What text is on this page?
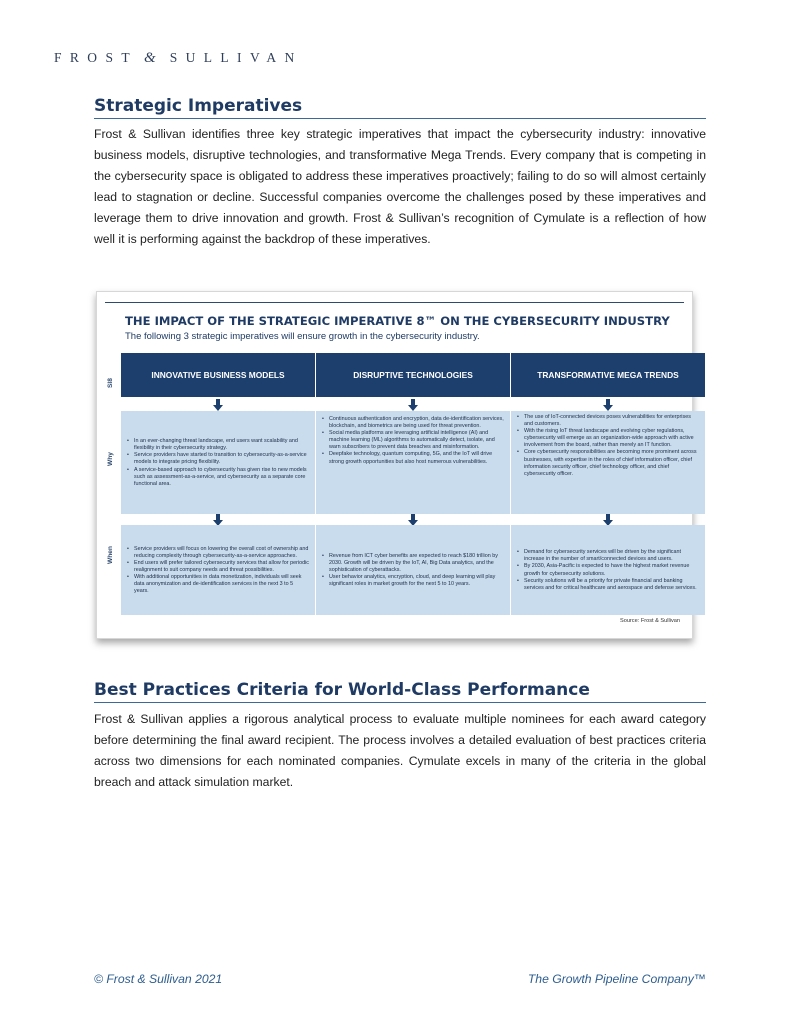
FROST & SULLIVAN
Strategic Imperatives
Frost & Sullivan identifies three key strategic imperatives that impact the cybersecurity industry: innovative business models, disruptive technologies, and transformative Mega Trends. Every company that is competing in the cybersecurity space is obligated to address these imperatives proactively; failing to do so will almost certainly lead to stagnation or decline. Successful companies overcome the challenges posed by these imperatives and leverage them to drive innovation and growth. Frost & Sullivan’s recognition of Cymulate is a reflection of how well it is performing against the backdrop of these imperatives.
THE IMPACT OF THE STRATEGIC IMPERATIVE 8™ ON THE CYBERSECURITY INDUSTRY
The following 3 strategic imperatives will ensure growth in the cybersecurity industry.
SI8
Why
When
INNOVATIVE BUSINESS MODELS
• In an ever-changing threat landscape, end users want scalability and flexibility in their cybersecurity strategy.
• Service providers have started to transition to cybersecurity-as-a-service models to integrate pricing flexibility.
• A service-based approach to cybersecurity has given rise to new models such as assessment-as-a-service, and cybersecurity as a separate core functional area.
• Service providers will focus on lowering the overall cost of ownership and reducing complexity through cybersecurity-as-a-service approaches.
• End users will prefer tailored cybersecurity services that allow for periodic realignment to suit company needs and threat possibilities.
• With additional opportunities in data monetization, individuals will seek data anonymization and de-identification services in the next 3 to 5 years.
DISRUPTIVE TECHNOLOGIES
• Continuous authentication and encryption, data de-identification services, blockchain, and biometrics are being used for threat prevention.
• Social media platforms are leveraging artificial intelligence (AI) and machine learning (ML) algorithms to automatically detect, isolate, and warn subscribers to prevent data breaches and misinformation.
• Deepfake technology, quantum computing, 5G, and the IoT will drive strong growth opportunities but also host numerous vulnerabilities.
• Revenue from ICT cyber benefits are expected to reach $180 trillion by 2030. Growth will be driven by the IoT, AI, Big Data analytics, and the sophistication of cyberattacks.
• User behavior analytics, encryption, cloud, and deep learning will play significant roles in market growth for the next 5 to 10 years.
TRANSFORMATIVE MEGA TRENDS
• The use of IoT-connected devices poses vulnerabilities for enterprises and customers.
• With the rising IoT threat landscape and evolving cyber regulations, cybersecurity will emerge as an organization-wide approach with active involvement from the board, rather than merely an IT function.
• Core cybersecurity responsibilities are becoming more prominent across businesses, with expertise in the roles of chief information officer, chief information security officer, chief technology officer, and chief cybersecurity officer.
• Demand for cybersecurity services will be driven by the significant increase in the number of smart/connected devices and users.
• By 2030, Asia-Pacific is expected to have the highest market revenue growth for cybersecurity solutions.
• Security solutions will be a priority for private financial and banking services and for critical healthcare and aerospace and defense services.
Source: Frost & Sullivan
Best Practices Criteria for World-Class Performance
Frost & Sullivan applies a rigorous analytical process to evaluate multiple nominees for each award category before determining the final award recipient. The process involves a detailed evaluation of best practices criteria across two dimensions for each nominated companies. Cymulate excels in many of the criteria in the global breach and attack simulation market.
© Frost & Sullivan 2021	The Growth Pipeline Company™
